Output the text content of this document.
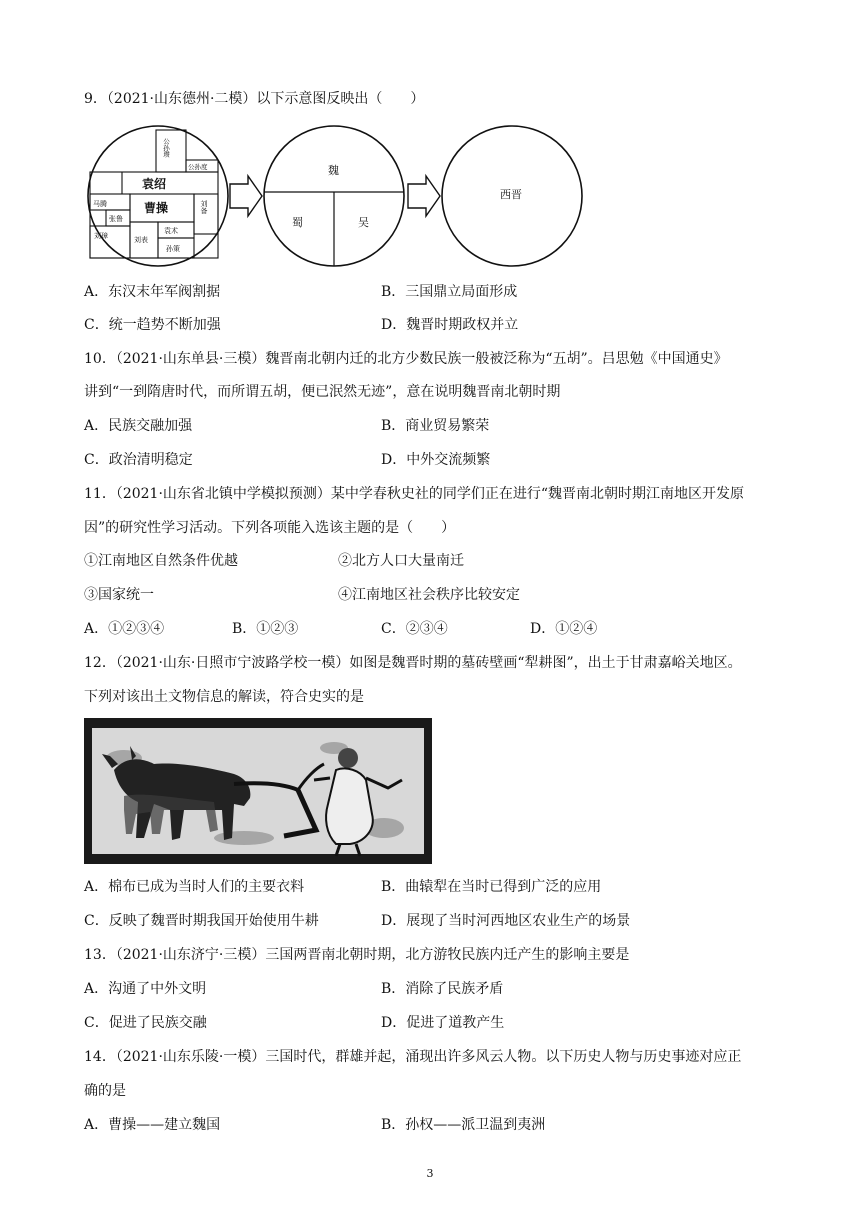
9．（2021·山东德州·二模）以下示意图反映出（　　）
公孙瓒
公孙度
袁绍
曹操
马腾
张鲁
刘备
刘璋	刘表
袁术
孙策
魏
蜀	吴
西晋
A．东汉末年军阀割据	B．三国鼎立局面形成
C．统一趋势不断加强	D．魏晋时期政权并立
10．（2021·山东单县·三模）魏晋南北朝内迁的北方少数民族一般被泛称为“五胡”。吕思勉《中国通史》
讲到“一到隋唐时代，而所谓五胡，便已泯然无迹”，意在说明魏晋南北朝时期
A．民族交融加强	B．商业贸易繁荣
C．政治清明稳定	D．中外交流频繁
11．（2021·山东省北镇中学模拟预测）某中学春秋史社的同学们正在进行“魏晋南北朝时期江南地区开发原
因”的研究性学习活动。下列各项能入选该主题的是（　　）
①江南地区自然条件优越	②北方人口大量南迁
③国家统一	④江南地区社会秩序比较安定
A．①②③④	B．①②③	C．②③④	D．①②④
12．（2021·山东·日照市宁波路学校一模）如图是魏晋时期的墓砖壁画“犁耕图”，出土于甘肃嘉峪关地区。
下列对该出土文物信息的解读，符合史实的是
A．棉布已成为当时人们的主要衣料	B．曲辕犁在当时已得到广泛的应用
C．反映了魏晋时期我国开始使用牛耕	D．展现了当时河西地区农业生产的场景
13．（2021·山东济宁·三模）三国两晋南北朝时期，北方游牧民族内迁产生的影响主要是
A．沟通了中外文明	B．消除了民族矛盾
C．促进了民族交融	D．促进了道教产生
14．（2021·山东乐陵·一模）三国时代，群雄并起，涌现出许多风云人物。以下历史人物与历史事迹对应正
确的是
A．曹操——建立魏国	B．孙权——派卫温到夷洲
3
